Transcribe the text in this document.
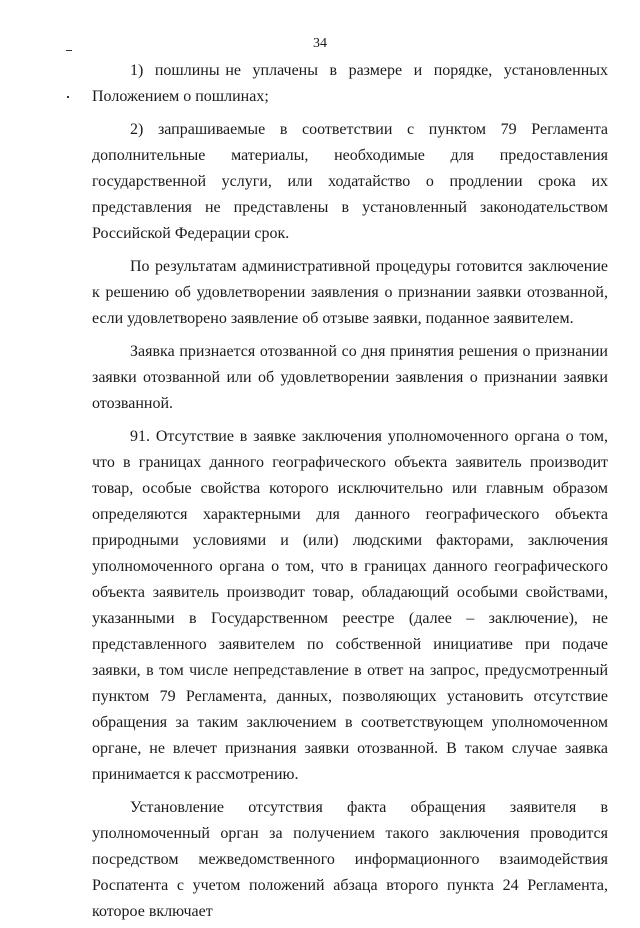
34

1)  пошлины не  уплачены  в  размере  и  порядке,  установленных Положением о пошлинах;

2)  запрашиваемые  в  соответствии  с  пунктом  79  Регламента дополнительные материалы, необходимые для предоставления государственной услуги, или ходатайство о продлении срока их представления не представлены в установленный законодательством Российской Федерации срок.

По результатам административной процедуры готовится заключение к решению об удовлетворении заявления о признании заявки отозванной, если удовлетворено заявление об отзыве заявки, поданное заявителем.

Заявка признается отозванной со дня принятия решения о признании заявки отозванной или об удовлетворении заявления о признании заявки отозванной.

91. Отсутствие в заявке заключения уполномоченного органа о том, что в границах данного географического объекта заявитель производит товар, особые свойства которого исключительно или главным образом определяются характерными для данного географического объекта природными условиями и (или) людскими факторами, заключения уполномоченного органа о том, что в границах данного географического объекта заявитель производит товар, обладающий особыми свойствами, указанными в Государственном реестре (далее – заключение), не представленного заявителем по собственной инициативе при подаче заявки, в том числе непредставление в ответ на запрос, предусмотренный пунктом 79 Регламента, данных, позволяющих установить отсутствие обращения за таким заключением в соответствующем уполномоченном органе, не влечет признания заявки отозванной. В таком случае заявка принимается к рассмотрению.

Установление отсутствия факта обращения заявителя в уполномоченный орган за получением такого заключения проводится посредством межведомственного информационного взаимодействия Роспатента с учетом положений абзаца второго пункта 24 Регламента, которое включает
